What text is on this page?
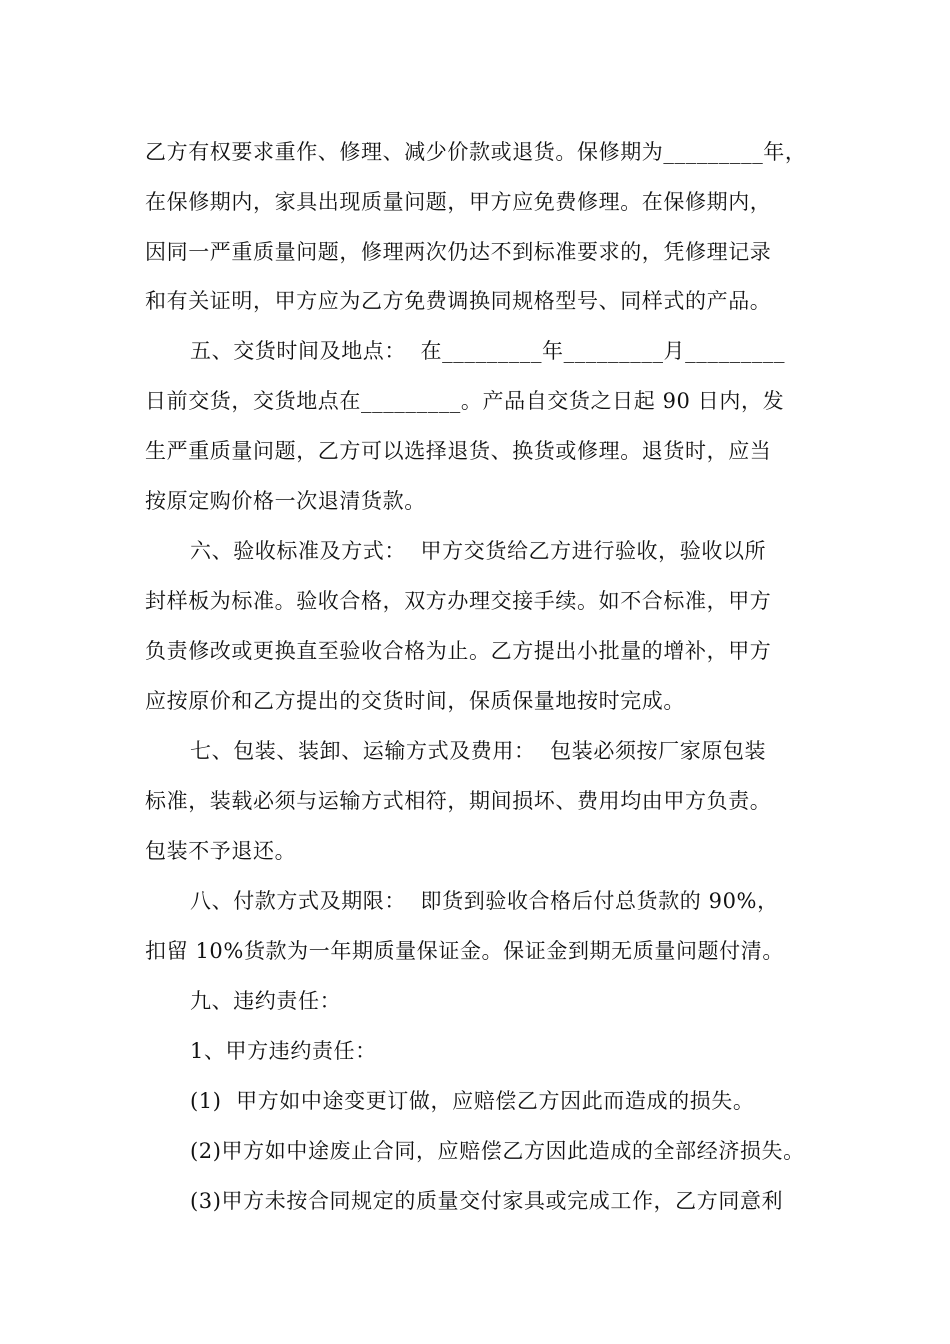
乙方有权要求重作、修理、减少价款或退货。保修期为_________年，
在保修期内，家具出现质量问题，甲方应免费修理。在保修期内，
因同一严重质量问题，修理两次仍达不到标准要求的，凭修理记录
和有关证明，甲方应为乙方免费调换同规格型号、同样式的产品。
五、交货时间及地点：  在_________年_________月_________
日前交货，交货地点在_________。产品自交货之日起 90 日内，发
生严重质量问题，乙方可以选择退货、换货或修理。退货时，应当
按原定购价格一次退清货款。
六、验收标准及方式：  甲方交货给乙方进行验收，验收以所
封样板为标准。验收合格，双方办理交接手续。如不合标准，甲方
负责修改或更换直至验收合格为止。乙方提出小批量的增补，甲方
应按原价和乙方提出的交货时间，保质保量地按时完成。
七、包装、装卸、运输方式及费用：  包装必须按厂家原包装
标准，装载必须与运输方式相符，期间损坏、费用均由甲方负责。
包装不予退还。
八、付款方式及期限：  即货到验收合格后付总货款的 90%，
扣留 10%货款为一年期质量保证金。保证金到期无质量问题付清。
九、违约责任：
1、甲方违约责任：
(1)  甲方如中途变更订做，应赔偿乙方因此而造成的损失。
(2)甲方如中途废止合同，应赔偿乙方因此造成的全部经济损失。
(3)甲方未按合同规定的质量交付家具或完成工作，乙方同意利
